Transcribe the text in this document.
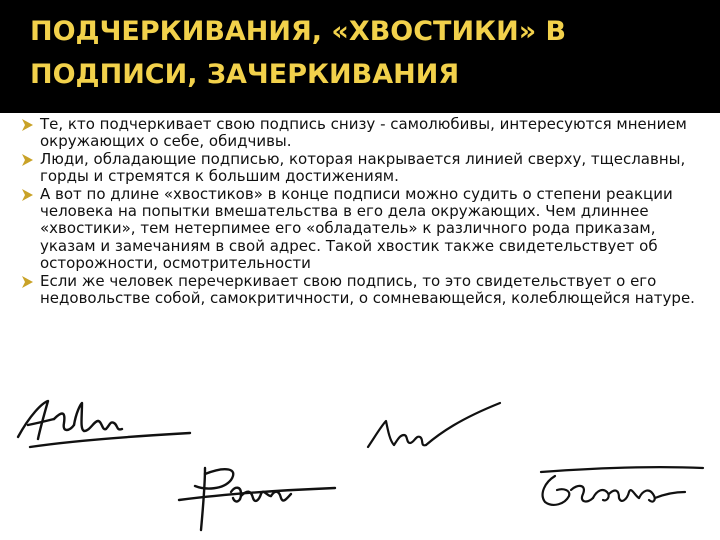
ПОДЧЕРКИВАНИЯ, «ХВОСТИКИ» В ПОДПИСИ, ЗАЧЕРКИВАНИЯ
Те, кто подчеркивает свою подпись снизу - самолюбивы, интересуются мнением окружающих о себе, обидчивы.
Люди, обладающие подписью, которая накрывается линией сверху, тщеславны, горды и стремятся к большим достижениям.
А вот по длине «хвостиков» в конце подписи можно судить о степени реакции человека на попытки вмешательства в его дела окружающих. Чем длиннее «хвостики», тем нетерпимее его «обладатель» к различного рода приказам, указам и замечаниям в свой адрес. Такой хвостик также свидетельствует об осторожности, осмотрительности
Если же человек перечеркивает свою подпись, то это свидетельствует о его недовольстве собой, самокритичности, о сомневающейся, колеблющейся натуре.
